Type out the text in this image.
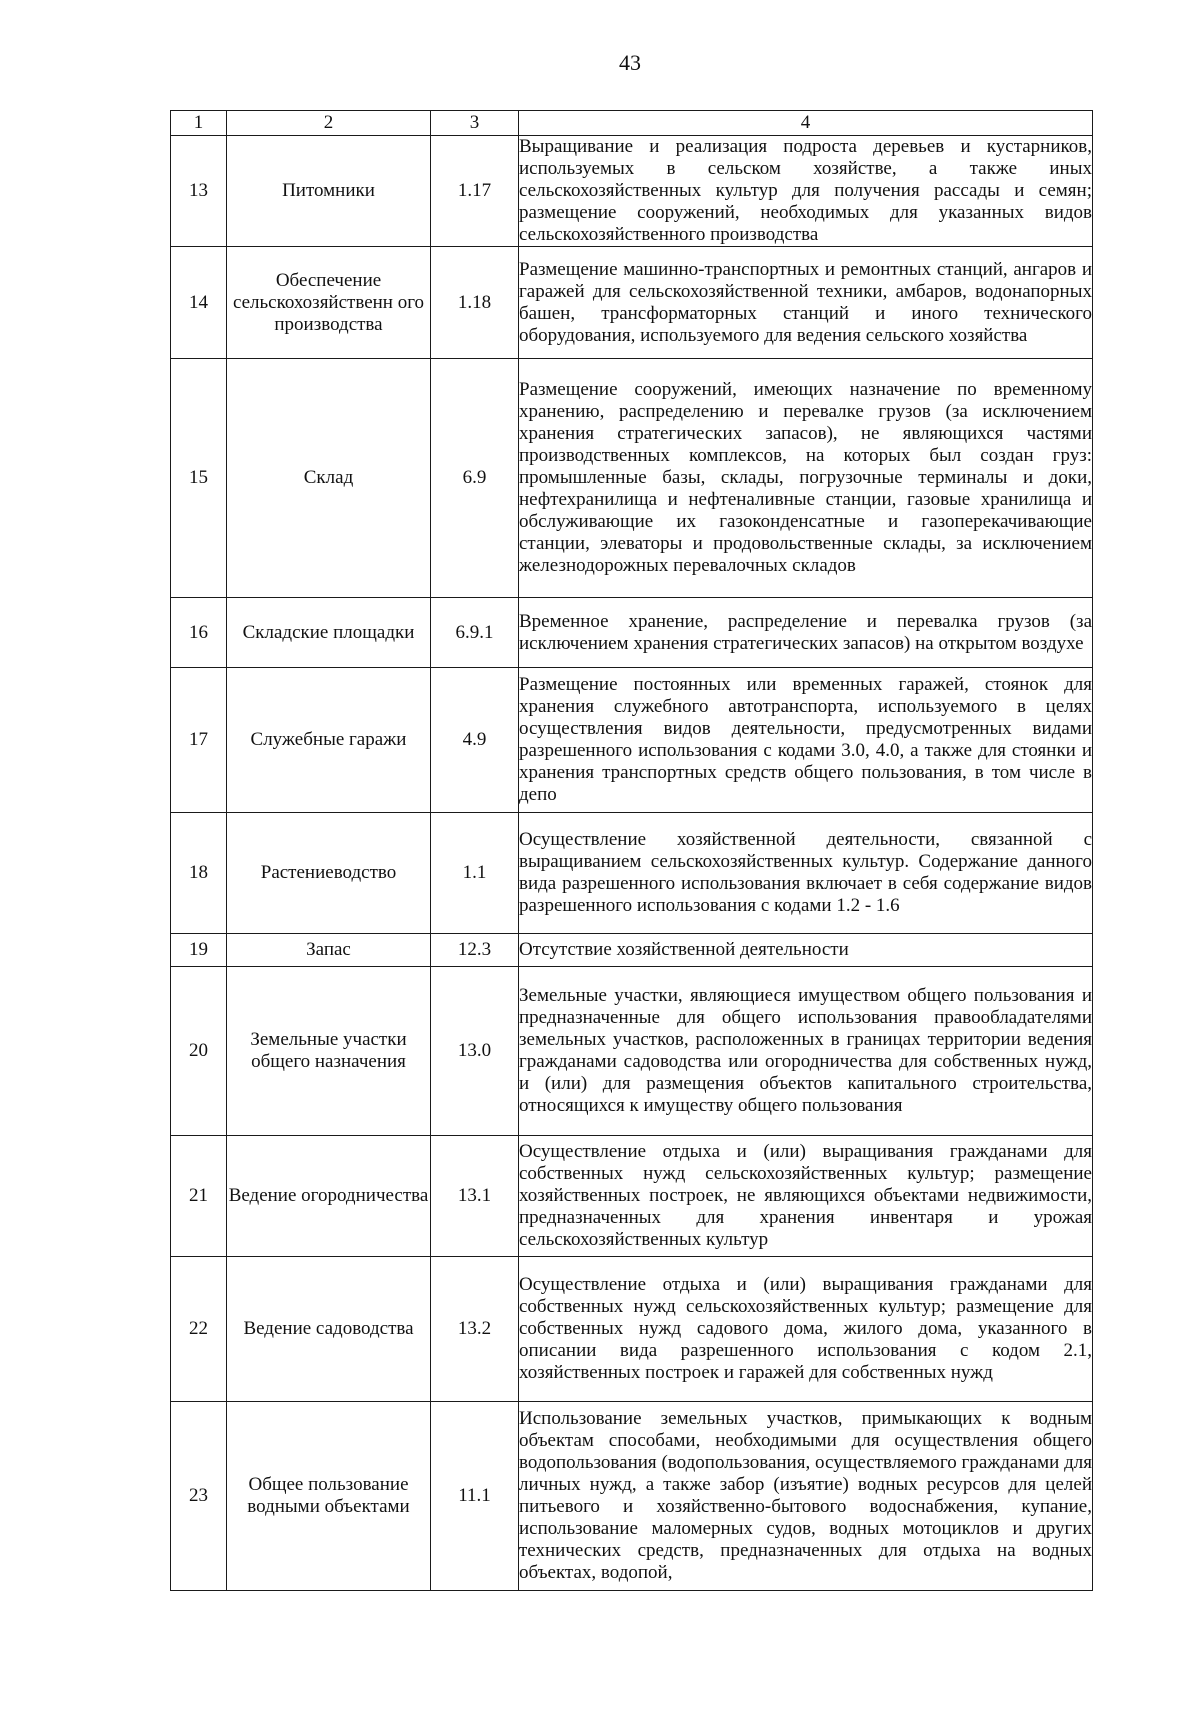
43
1	2	3	4
13	Питомники	1.17	Выращивание и реализация подроста деревьев и кустарников, используемых в сельском хозяйстве, а также иных сельскохозяйственных культур для получения рассады и семян; размещение сооружений, необходимых для указанных видов сельскохозяйственного производства
14	Обеспечение сельскохозяйственн ого производства	1.18	Размещение машинно-транспортных и ремонтных станций, ангаров и гаражей для сельскохозяйственной техники, амбаров, водонапорных башен, трансформаторных станций и иного технического оборудования, используемого для ведения сельского хозяйства
15	Склад	6.9	Размещение сооружений, имеющих назначение по временному хранению, распределению и перевалке грузов (за исключением хранения стратегических запасов), не являющихся частями производственных комплексов, на которых был создан груз: промышленные базы, склады, погрузочные терминалы и доки, нефтехранилища и нефтеналивные станции, газовые хранилища и обслуживающие их газоконденсатные и газоперекачивающие станции, элеваторы и продовольственные склады, за исключением железнодорожных перевалочных складов
16	Складские площадки	6.9.1	Временное хранение, распределение и перевалка грузов (за исключением хранения стратегических запасов) на открытом воздухе
17	Служебные гаражи	4.9	Размещение постоянных или временных гаражей, стоянок для хранения служебного автотранспорта, используемого в целях осуществления видов деятельности, предусмотренных видами разрешенного использования с кодами 3.0, 4.0, а также для стоянки и хранения транспортных средств общего пользования, в том числе в депо
18	Растениеводство	1.1	Осуществление хозяйственной деятельности, связанной с выращиванием сельскохозяйственных культур. Содержание данного вида разрешенного использования включает в себя содержание видов разрешенного использования с кодами 1.2 - 1.6
19	Запас	12.3	Отсутствие хозяйственной деятельности
20	Земельные участки общего назначения	13.0	Земельные участки, являющиеся имуществом общего пользования и предназначенные для общего использования правообладателями земельных участков, расположенных в границах территории ведения гражданами садоводства или огородничества для собственных нужд, и (или) для размещения объектов капитального строительства, относящихся к имуществу общего пользования
21	Ведение огородничества	13.1	Осуществление отдыха и (или) выращивания гражданами для собственных нужд сельскохозяйственных культур; размещение хозяйственных построек, не являющихся объектами недвижимости, предназначенных для хранения инвентаря и урожая сельскохозяйственных культур
22	Ведение садоводства	13.2	Осуществление отдыха и (или) выращивания гражданами для собственных нужд сельскохозяйственных культур; размещение для собственных нужд садового дома, жилого дома, указанного в описании вида разрешенного использования с кодом 2.1, хозяйственных построек и гаражей для собственных нужд
23	Общее пользование водными объектами	11.1	Использование земельных участков, примыкающих к водным объектам способами, необходимыми для осуществления общего водопользования (водопользования, осуществляемого гражданами для личных нужд, а также забор (изъятие) водных ресурсов для целей питьевого и хозяйственно-бытового водоснабжения, купание, использование маломерных судов, водных мотоциклов и других технических средств, предназначенных для отдыха на водных объектах, водопой,
